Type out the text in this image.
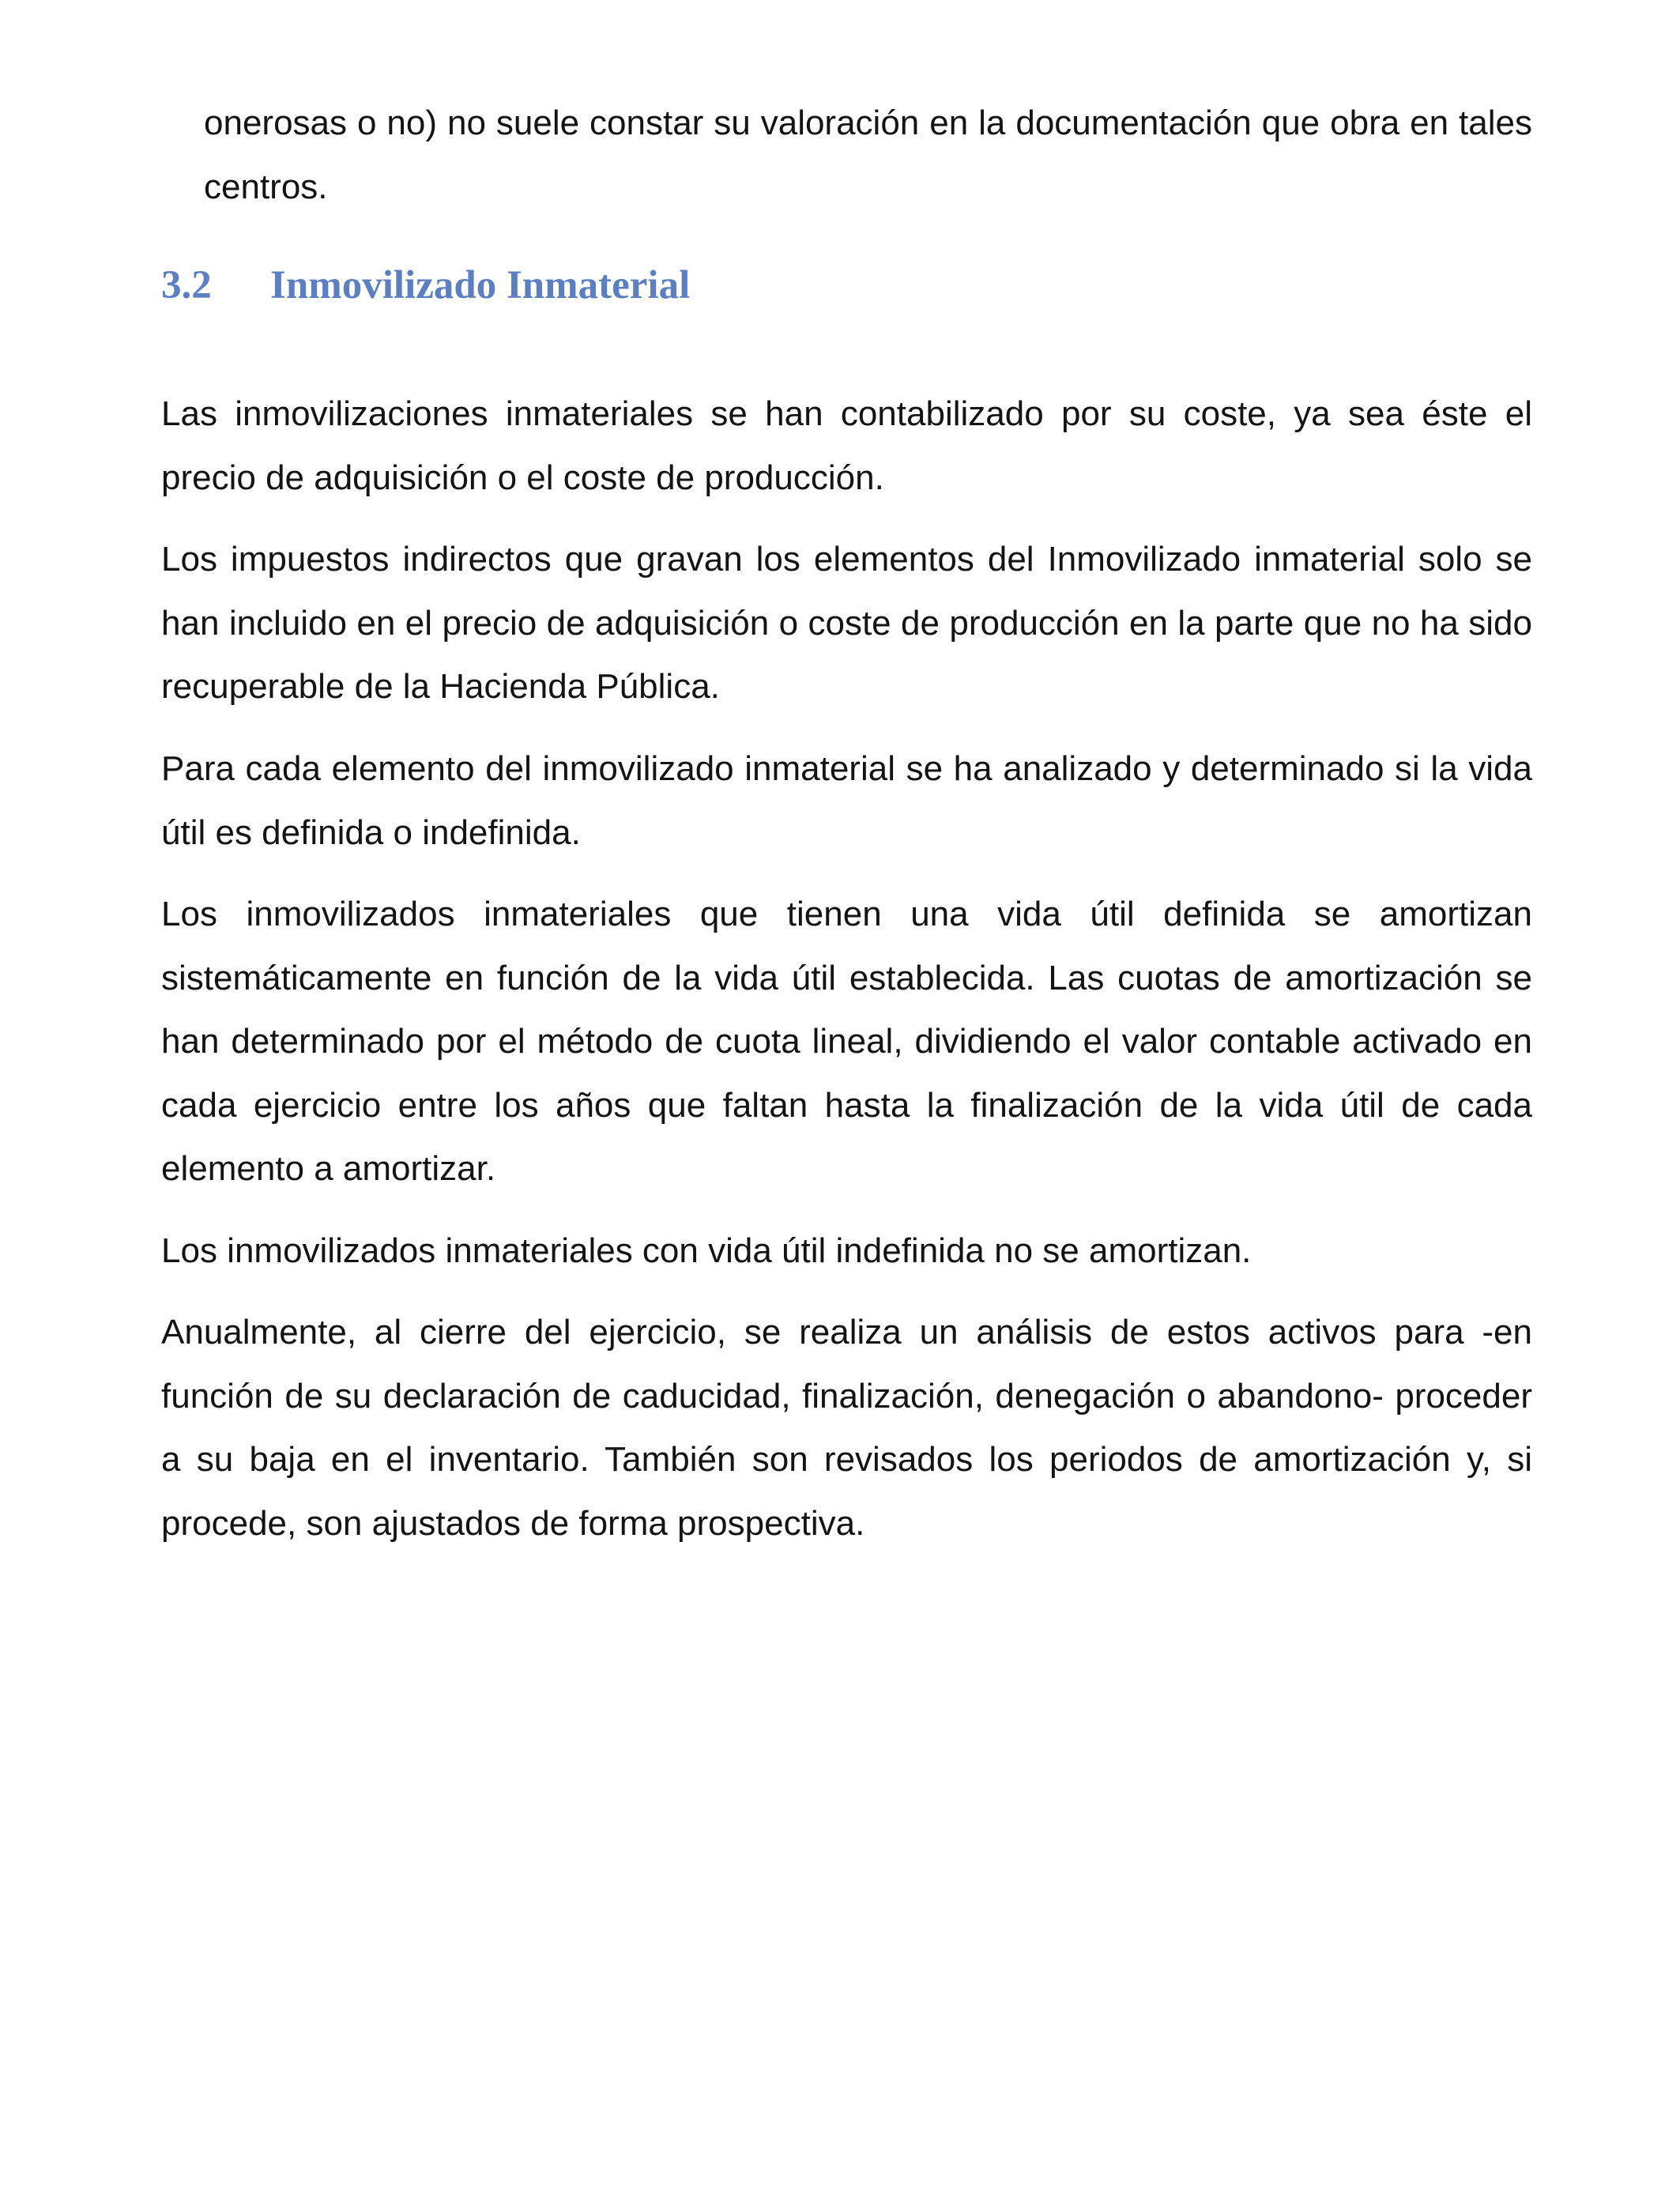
onerosas o no) no suele constar su valoración en la documentación que obra en tales centros.

3.2 Inmovilizado Inmaterial

Las inmovilizaciones inmateriales se han contabilizado por su coste, ya sea éste el precio de adquisición o el coste de producción.

Los impuestos indirectos que gravan los elementos del Inmovilizado inmaterial solo se han incluido en el precio de adquisición o coste de producción en la parte que no ha sido recuperable de la Hacienda Pública.

Para cada elemento del inmovilizado inmaterial se ha analizado y determinado si la vida útil es definida o indefinida.

Los inmovilizados inmateriales que tienen una vida útil definida se amortizan sistemáticamente en función de la vida útil establecida. Las cuotas de amortización se han determinado por el método de cuota lineal, dividiendo el valor contable activado en cada ejercicio entre los años que faltan hasta la finalización de la vida útil de cada elemento a amortizar.

Los inmovilizados inmateriales con vida útil indefinida no se amortizan.

Anualmente, al cierre del ejercicio, se realiza un análisis de estos activos para -en función de su declaración de caducidad, finalización, denegación o abandono- proceder a su baja en el inventario. También son revisados los periodos de amortización y, si procede, son ajustados de forma prospectiva.
